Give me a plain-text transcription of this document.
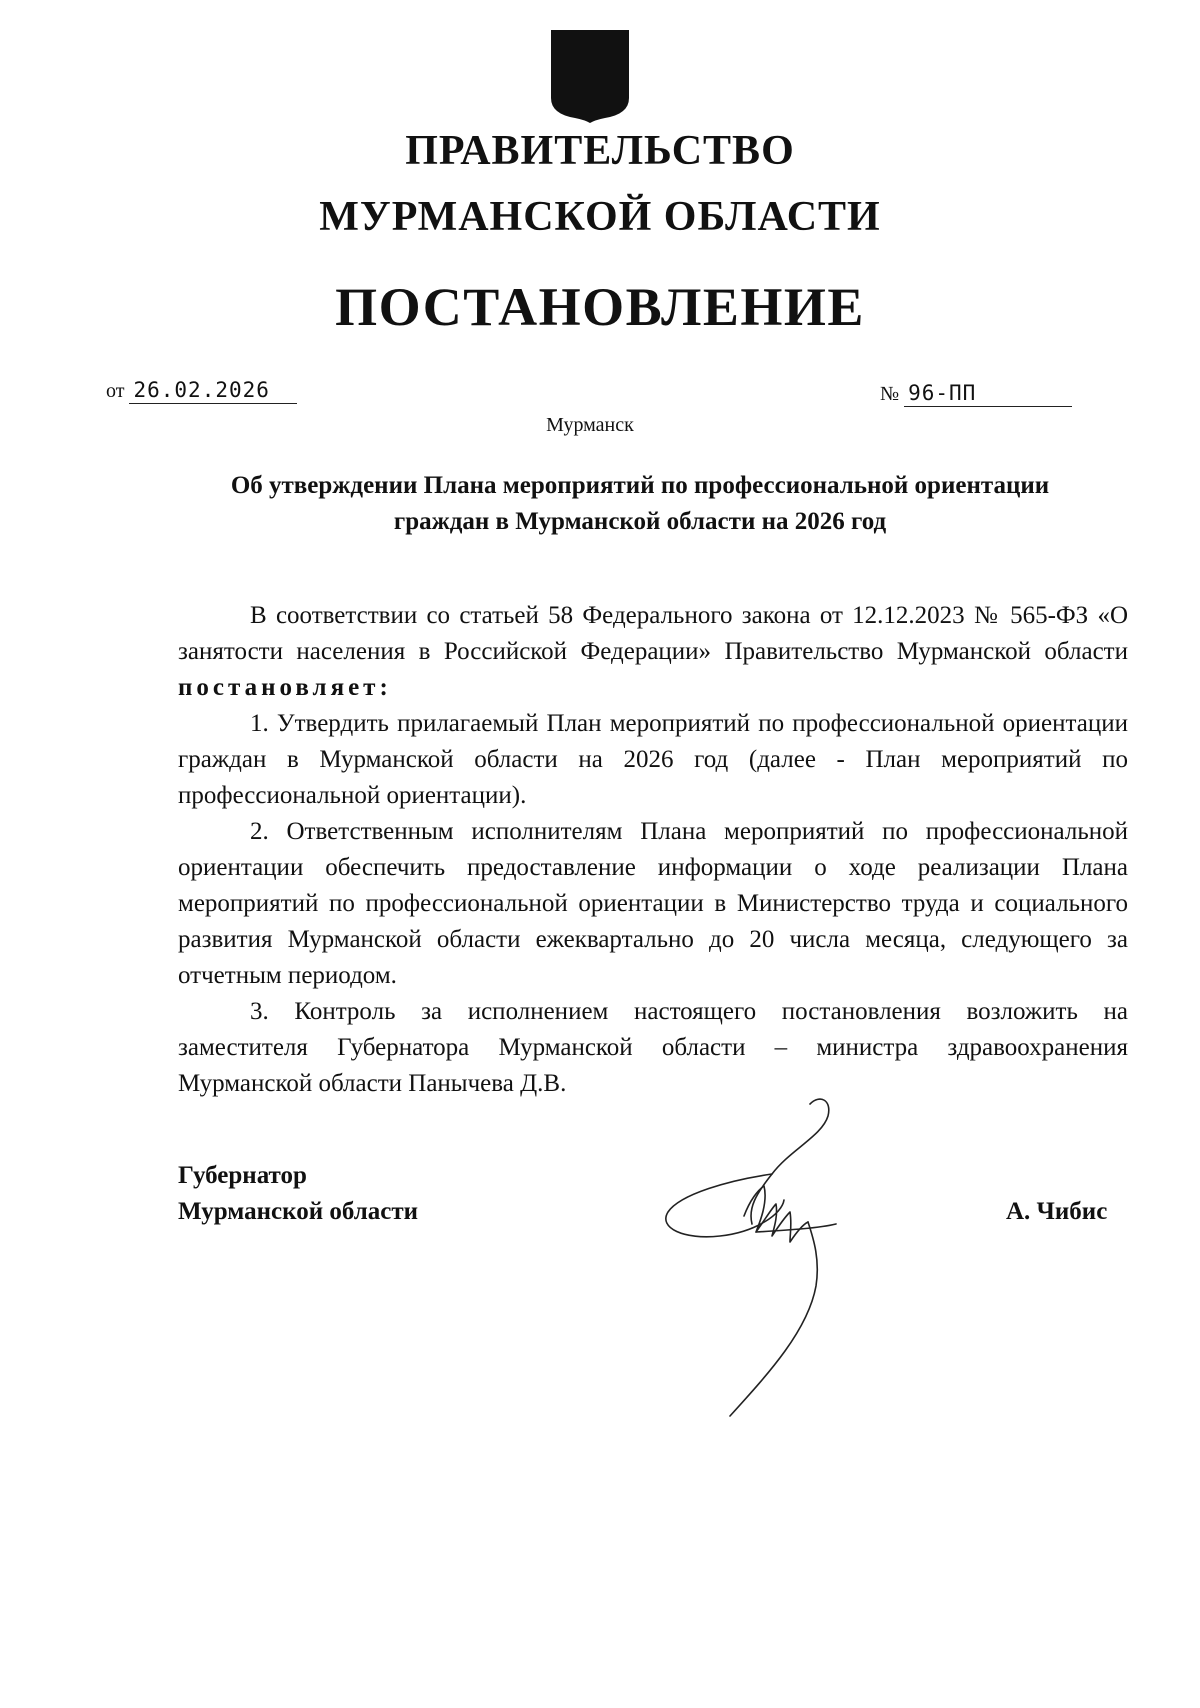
ПРАВИТЕЛЬСТВО
МУРМАНСКОЙ ОБЛАСТИ
ПОСТАНОВЛЕНИЕ
от 26.02.2026	№ 96-ПП
Мурманск
Об утверждении Плана мероприятий по профессиональной ориентации
граждан в Мурманской области на 2026 год

В соответствии со статьей 58 Федерального закона от 12.12.2023 № 565-ФЗ «О занятости населения в Российской Федерации» Правительство Мурманской области постановляет:

1. Утвердить прилагаемый План мероприятий по профессиональной ориентации граждан в Мурманской области на 2026 год (далее - План мероприятий по профессиональной ориентации).

2. Ответственным исполнителям Плана мероприятий по профессиональной ориентации обеспечить предоставление информации о ходе реализации Плана мероприятий по профессиональной ориентации в Министерство труда и социального развития Мурманской области ежеквартально до 20 числа месяца, следующего за отчетным периодом.

3. Контроль за исполнением настоящего постановления возложить на заместителя Губернатора Мурманской области – министра здравоохранения Мурманской области Панычева Д.В.

Губернатор
Мурманской области	А. Чибис
